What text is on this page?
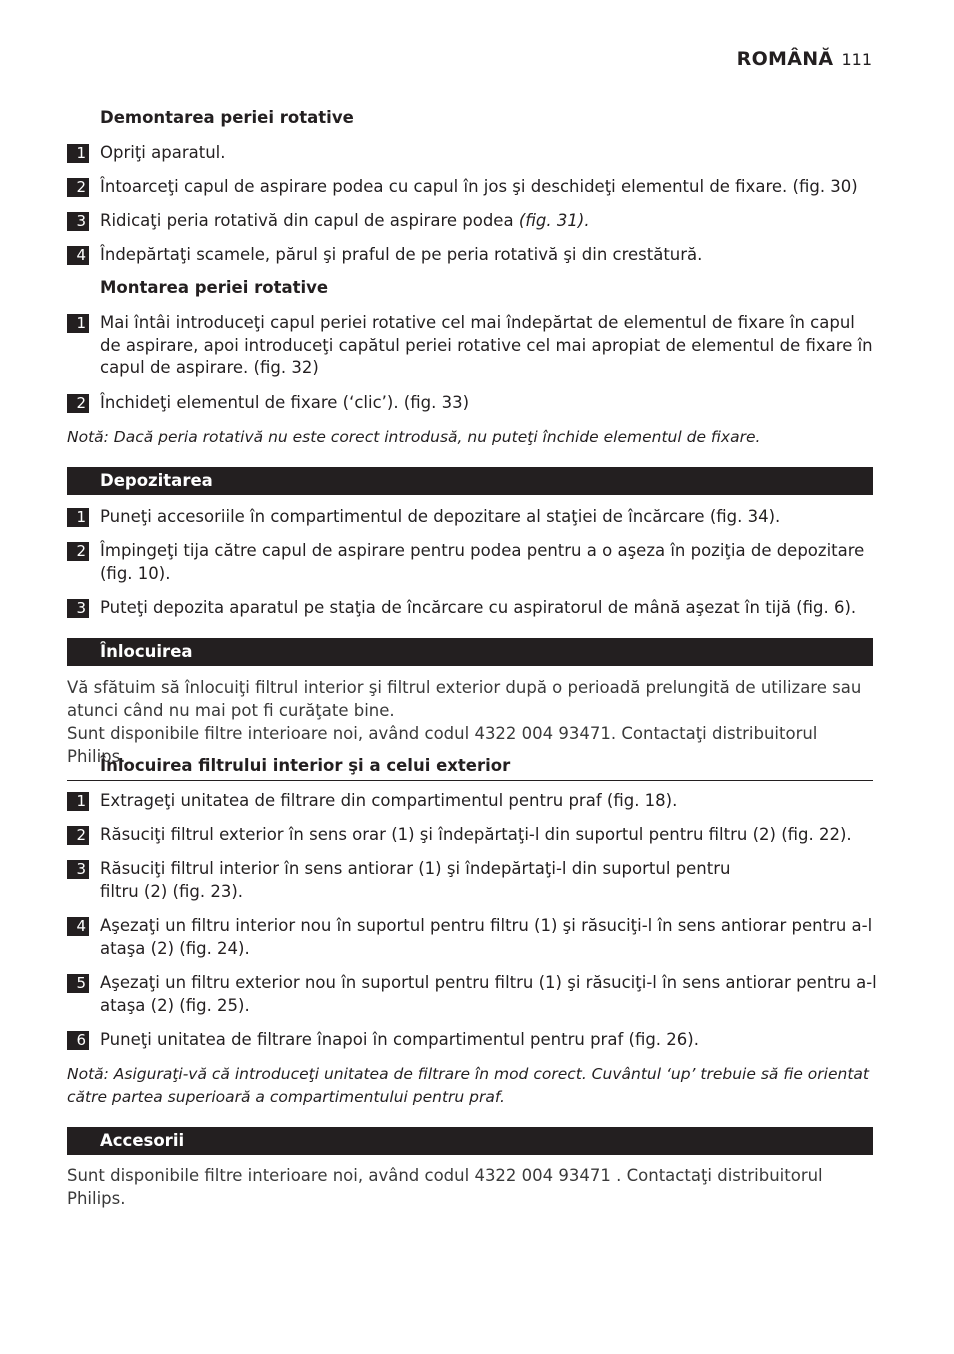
ROMÂNĂ 111
Demontarea periei rotative
1 Opriţi aparatul.
2 Întoarceţi capul de aspirare podea cu capul în jos şi deschideţi elementul de fixare. (fig. 30)
3 Ridicaţi peria rotativă din capul de aspirare podea (fig. 31).
4 Îndepărtaţi scamele, părul şi praful de pe peria rotativă şi din crestătură.
Montarea periei rotative
1 Mai întâi introduceţi capul periei rotative cel mai îndepărtat de elementul de fixare în capul de aspirare, apoi introduceţi capătul periei rotative cel mai apropiat de elementul de fixare în capul de aspirare. (fig. 32)
2 Închideţi elementul de fixare (‘clic’). (fig. 33)
Notă: Dacă peria rotativă nu este corect introdusă, nu puteţi închide elementul de fixare.
Depozitarea
1 Puneţi accesoriile în compartimentul de depozitare al staţiei de încărcare (fig. 34).
2 Împingeţi tija către capul de aspirare pentru podea pentru a o aşeza în poziţia de depozitare (fig. 10).
3 Puteţi depozita aparatul pe staţia de încărcare cu aspiratorul de mână aşezat în tijă (fig. 6).
Înlocuirea
Vă sfătuim să înlocuiţi filtrul interior şi filtrul exterior după o perioadă prelungită de utilizare sau atunci când nu mai pot fi curăţate bine.
Sunt disponibile filtre interioare noi, având codul 4322 004 93471. Contactaţi distribuitorul Philips.
Înlocuirea filtrului interior şi a celui exterior
1 Extrageţi unitatea de filtrare din compartimentul pentru praf (fig. 18).
2 Răsuciţi filtrul exterior în sens orar (1) şi îndepărtaţi-l din suportul pentru filtru (2) (fig. 22).
3 Răsuciţi filtrul interior în sens antiorar (1) şi îndepărtaţi-l din suportul pentru filtru (2) (fig. 23).
4 Aşezaţi un filtru interior nou în suportul pentru filtru (1) şi răsuciţi-l în sens antiorar pentru a-l ataşa (2) (fig. 24).
5 Aşezaţi un filtru exterior nou în suportul pentru filtru (1) şi răsuciţi-l în sens antiorar pentru a-l ataşa (2) (fig. 25).
6 Puneţi unitatea de filtrare înapoi în compartimentul pentru praf (fig. 26).
Notă: Asiguraţi-vă că introduceţi unitatea de filtrare în mod corect. Cuvântul ‘up’ trebuie să fie orientat către partea superioară a compartimentului pentru praf.
Accesorii
Sunt disponibile filtre interioare noi, având codul 4322 004 93471 . Contactaţi distribuitorul Philips.
